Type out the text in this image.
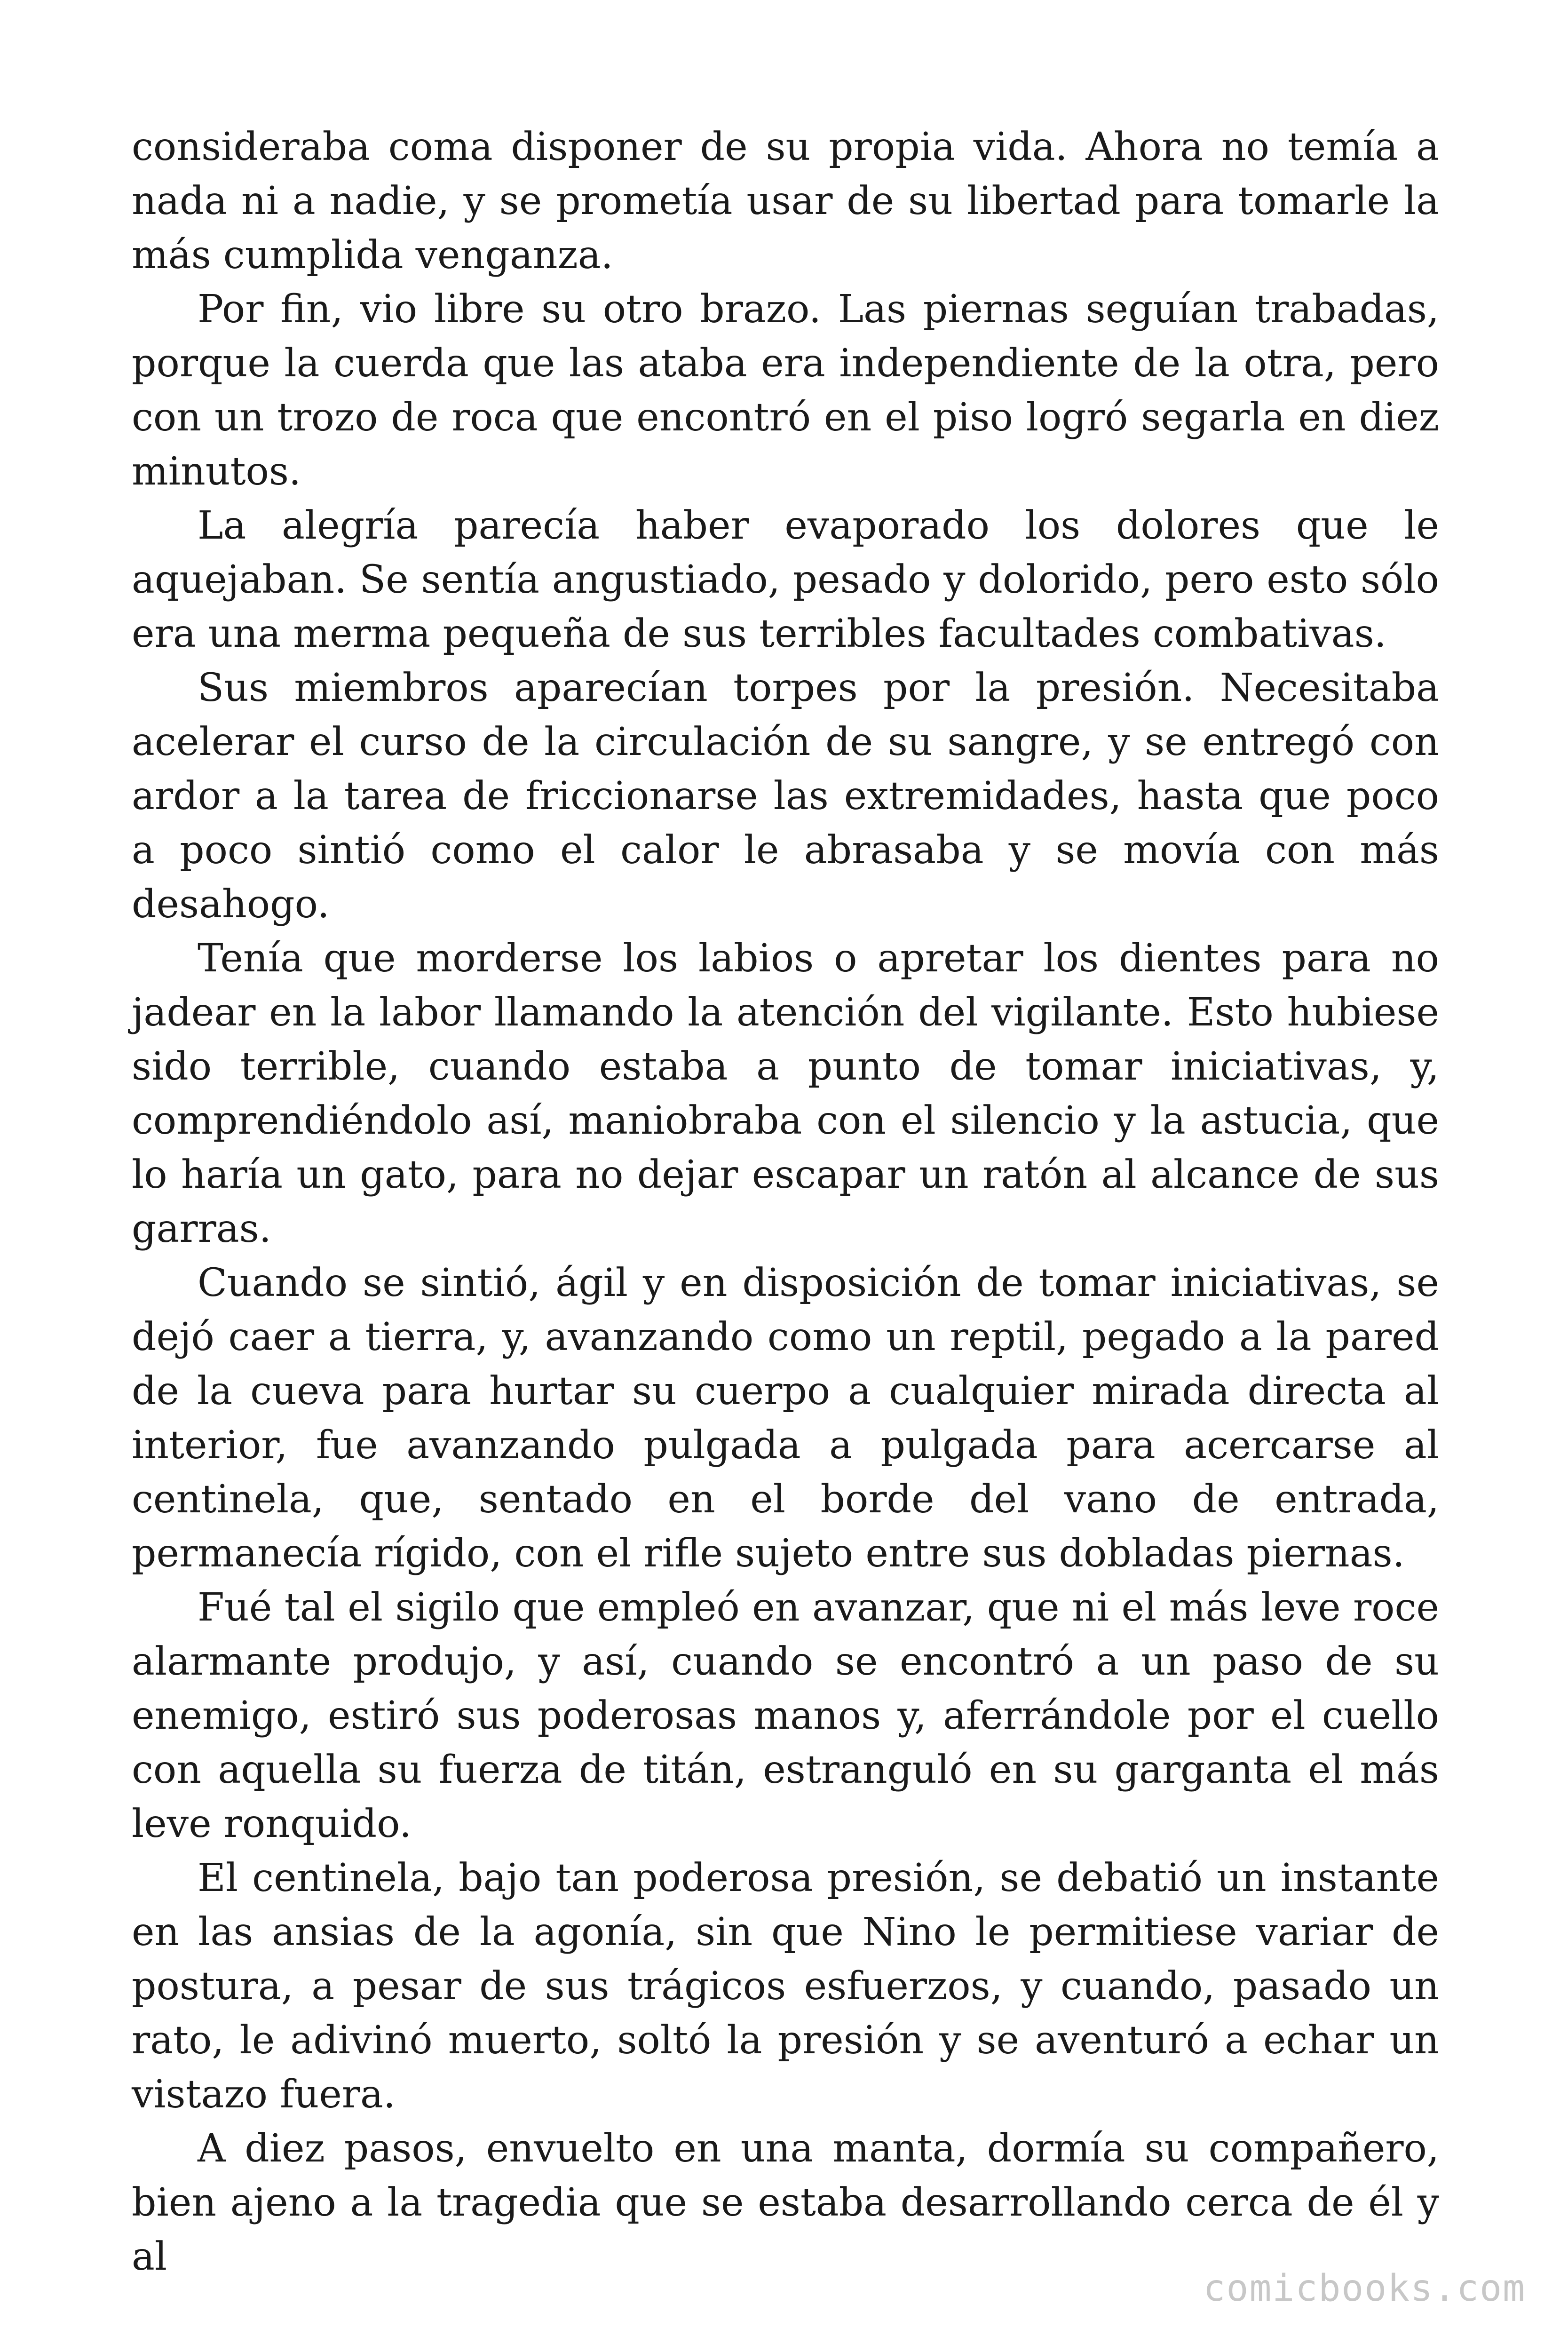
consideraba coma disponer de su propia vida. Ahora no temía a nada ni a nadie, y se prometía usar de su libertad para tomarle la más cumplida venganza.

Por fin, vio libre su otro brazo. Las piernas seguían trabadas, porque la cuerda que las ataba era independiente de la otra, pero con un trozo de roca que encontró en el piso logró segarla en diez minutos.

La alegría parecía haber evaporado los dolores que le aquejaban. Se sentía angustiado, pesado y dolorido, pero esto sólo era una merma pequeña de sus terribles facultades combativas.

Sus miembros aparecían torpes por la presión. Necesitaba acelerar el curso de la circulación de su sangre, y se entregó con ardor a la tarea de friccionarse las extremidades, hasta que poco a poco sintió como el calor le abrasaba y se movía con más desahogo.

Tenía que morderse los labios o apretar los dientes para no jadear en la labor llamando la atención del vigilante. Esto hubiese sido terrible, cuando estaba a punto de tomar iniciativas, y, comprendiéndolo así, maniobraba con el silencio y la astucia, que lo haría un gato, para no dejar escapar un ratón al alcance de sus garras.

Cuando se sintió, ágil y en disposición de tomar iniciativas, se dejó caer a tierra, y, avanzando como un reptil, pegado a la pared de la cueva para hurtar su cuerpo a cualquier mirada directa al interior, fue avanzando pulgada a pulgada para acercarse al centinela, que, sentado en el borde del vano de entrada, permanecía rígido, con el rifle sujeto entre sus dobladas piernas.

Fué tal el sigilo que empleó en avanzar, que ni el más leve roce alarmante produjo, y así, cuando se encontró a un paso de su enemigo, estiró sus poderosas manos y, aferrándole por el cuello con aquella su fuerza de titán, estranguló en su garganta el más leve ronquido.

El centinela, bajo tan poderosa presión, se debatió un instante en las ansias de la agonía, sin que Nino le permitiese variar de postura, a pesar de sus trágicos esfuerzos, y cuando, pasado un rato, le adivinó muerto, soltó la presión y se aventuró a echar un vistazo fuera.

A diez pasos, envuelto en una manta, dormía su compañero, bien ajeno a la tragedia que se estaba desarrollando cerca de él y al

comicbooks.com
